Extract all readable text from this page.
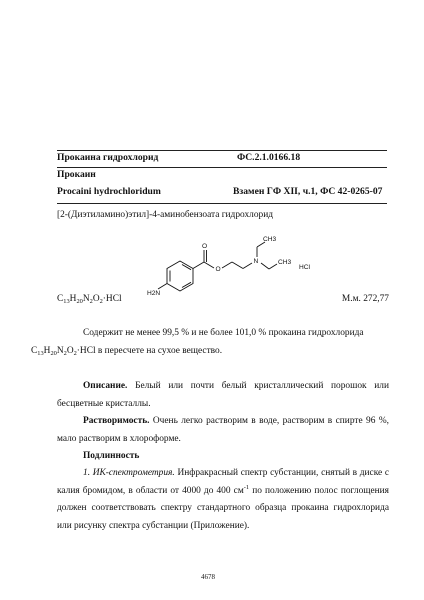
Прокаина гидрохлорид	ФС.2.1.0166.18
Прокаин
Procaini hydrochloridum	Взамен ГФ XII, ч.1, ФС 42-0265-07
[2-(Диэтиламино)этил]-4-аминобензоата гидрохлорид
H2N
O
O
N
CH3
CH3
HCl
$C_{13}H_{20}N_2O_2\cdot HCl$	М.м. 272,77
Содержит не менее 99,5 % и не более 101,0 % прокаина гидрохлорида
$C_{13}H_{20}N_2O_2\cdot HCl$ в пересчете на сухое вещество.
Описание. Белый или почти белый кристаллический порошок или бесцветные кристаллы.
Растворимость. Очень легко растворим в воде, растворим в спирте 96 %, мало растворим в хлороформе.
Подлинность
1. ИК-спектрометрия. Инфракрасный спектр субстанции, снятый в диске с калия бромидом, в области от 4000 до 400 $см^{-1}$ по положению полос поглощения должен соответствовать спектру стандартного образца прокаина гидрохлорида или рисунку спектра субстанции (Приложение).
4678
